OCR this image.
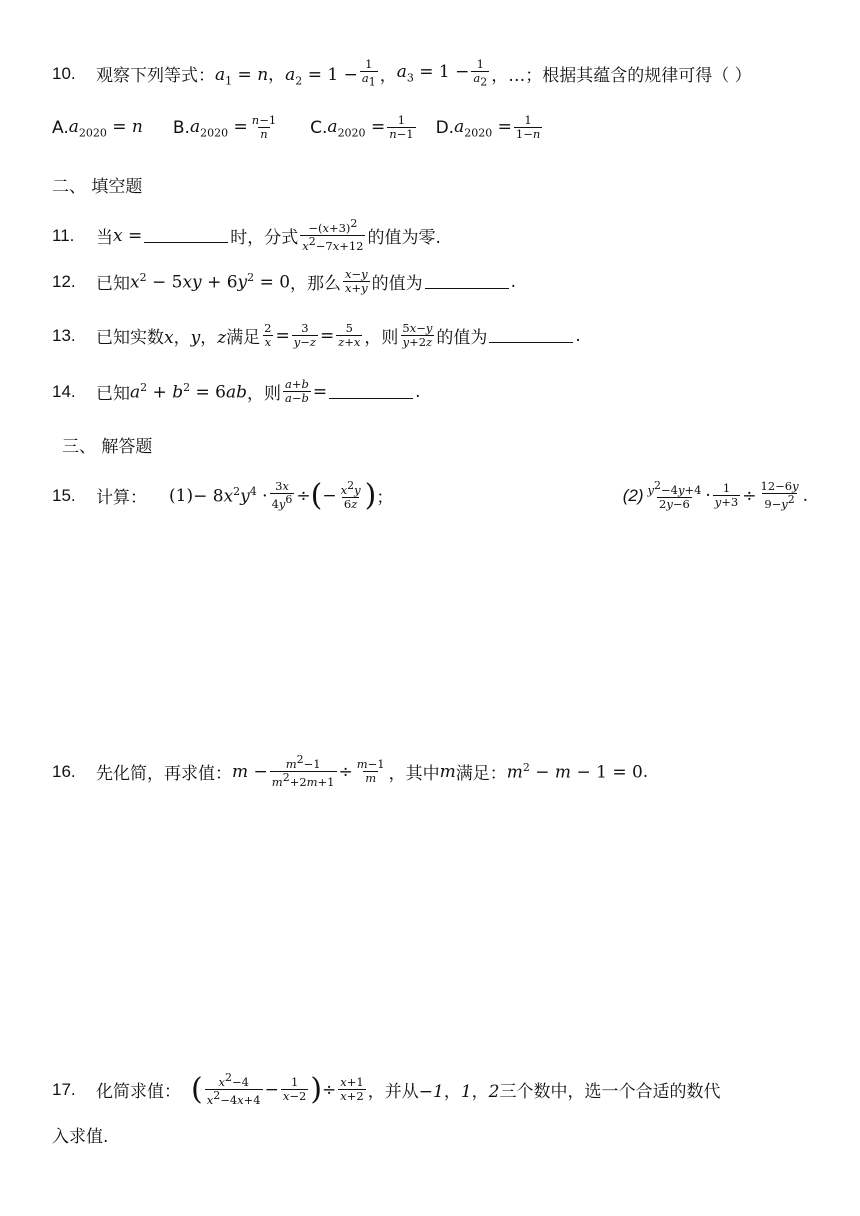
10.	观察下列等式： $a_1 = n$，$a_2 = 1 - \frac{1}{a_1}$ ， $a_3 = 1 - \frac{1}{a_2}$ ，… ；根据其蕴含的规律可得（ ）
A. $a_{2020} = n$ B. $a_{2020} = \frac{n-1}{n} C$. $a_{2020} = \frac{1}{n-1} D$. $a_{2020} = \frac{1}{1-n}$
二、 填空题
11.	当 x =	时，分式 $\frac{-(x+3)^2}{x^2-7x+12}$ 的值为零.
12.	已知 $x^2 - 5xy + 6y^2 = 0$ ，那么 $\frac{x-y}{x+y}$ 的值为	.
13.	已知实数 x，y，z 满足 $\frac{2}{x} = \frac{3}{y-z} = \frac{5}{z+x}$ ，则 $\frac{5x-y}{y+2z}$ 的值为	.
14.	已知 $a^2 + b^2 = 6ab$ ，则 $\frac{a+b}{a-b}$ =	.
三、 解答题
15.	计算： $(1) - 8x^2y^4 \cdot \frac{3x}{4y^6}$ ÷ ( − $\frac{x^2y}{6z}$ ) ；	$(2) \frac{y^2-4y+4}{2y-6} \cdot \frac{1}{y+3} \div \frac{12-6y}{9-y^2}$ .
16.	先化简，再求值： $m - \frac{m^2-1}{m^2+2m+1} \div \frac{m-1}{m}$ ，其中 m 满足： $m^2 - m - 1 = 0$ .
17.	化简求值： ( $\frac{x^2-4}{x^2-4x+4} - \frac{1}{x-2}$ ) ÷ $\frac{x+1}{x+2}$ ，并从 −1，1，2 三个数中，选一个合适的数代
入求值.
